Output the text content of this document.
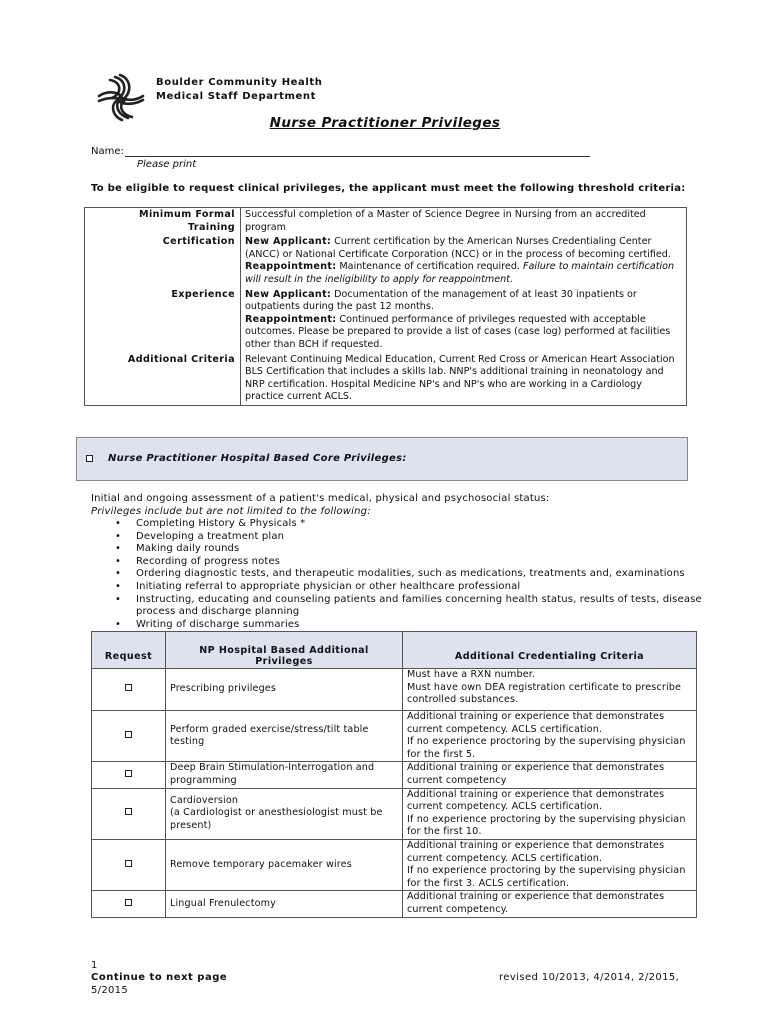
Boulder Community Health
Medical Staff Department
Nurse Practitioner Privileges
Name:
Please print
To be eligible to request clinical privileges, the applicant must meet the following threshold criteria:
Minimum Formal
Training	Successful completion of a Master of Science Degree in Nursing from an accredited program
Certification	New Applicant: Current certification by the American Nurses Credentialing Center (ANCC) or National Certificate Corporation (NCC) or in the process of becoming certified.
Reappointment: Maintenance of certification required. Failure to maintain certification will result in the ineligibility to apply for reappointment.
Experience	New Applicant: Documentation of the management of at least 30 inpatients or outpatients during the past 12 months.
Reappointment: Continued performance of privileges requested with acceptable outcomes. Please be prepared to provide a list of cases (case log) performed at facilities other than BCH if requested.
Additional Criteria	Relevant Continuing Medical Education, Current Red Cross or American Heart Association BLS Certification that includes a skills lab. NNP's additional training in neonatology and NRP certification. Hospital Medicine NP's and NP's who are working in a Cardiology practice current ACLS.
Nurse Practitioner Hospital Based Core Privileges:
Initial and ongoing assessment of a patient's medical, physical and psychosocial status:
Privileges include but are not limited to the following:
• Completing History & Physicals *
• Developing a treatment plan
• Making daily rounds
• Recording of progress notes
• Ordering diagnostic tests, and therapeutic modalities, such as medications, treatments and, examinations
• Initiating referral to appropriate physician or other healthcare professional
• Instructing, educating and counseling patients and families concerning health status, results of tests, disease process and discharge planning
• Writing of discharge summaries
Request	NP Hospital Based Additional Privileges	Additional Credentialing Criteria
	Prescribing privileges	Must have a RXN number.
Must have own DEA registration certificate to prescribe controlled substances.
	Perform graded exercise/stress/tilt table testing	Additional training or experience that demonstrates current competency. ACLS certification.
If no experience proctoring by the supervising physician for the first 5.
	Deep Brain Stimulation-Interrogation and programming	Additional training or experience that demonstrates current competency
	Cardioversion
(a Cardiologist or anesthesiologist must be present)	Additional training or experience that demonstrates current competency. ACLS certification.
If no experience proctoring by the supervising physician for the first 10.
	Remove temporary pacemaker wires	Additional training or experience that demonstrates current competency. ACLS certification.
If no experience proctoring by the supervising physician for the first 3. ACLS certification.
	Lingual Frenulectomy	Additional training or experience that demonstrates current competency.
1
Continue to next page
5/2015
revised 10/2013, 4/2014, 2/2015,
